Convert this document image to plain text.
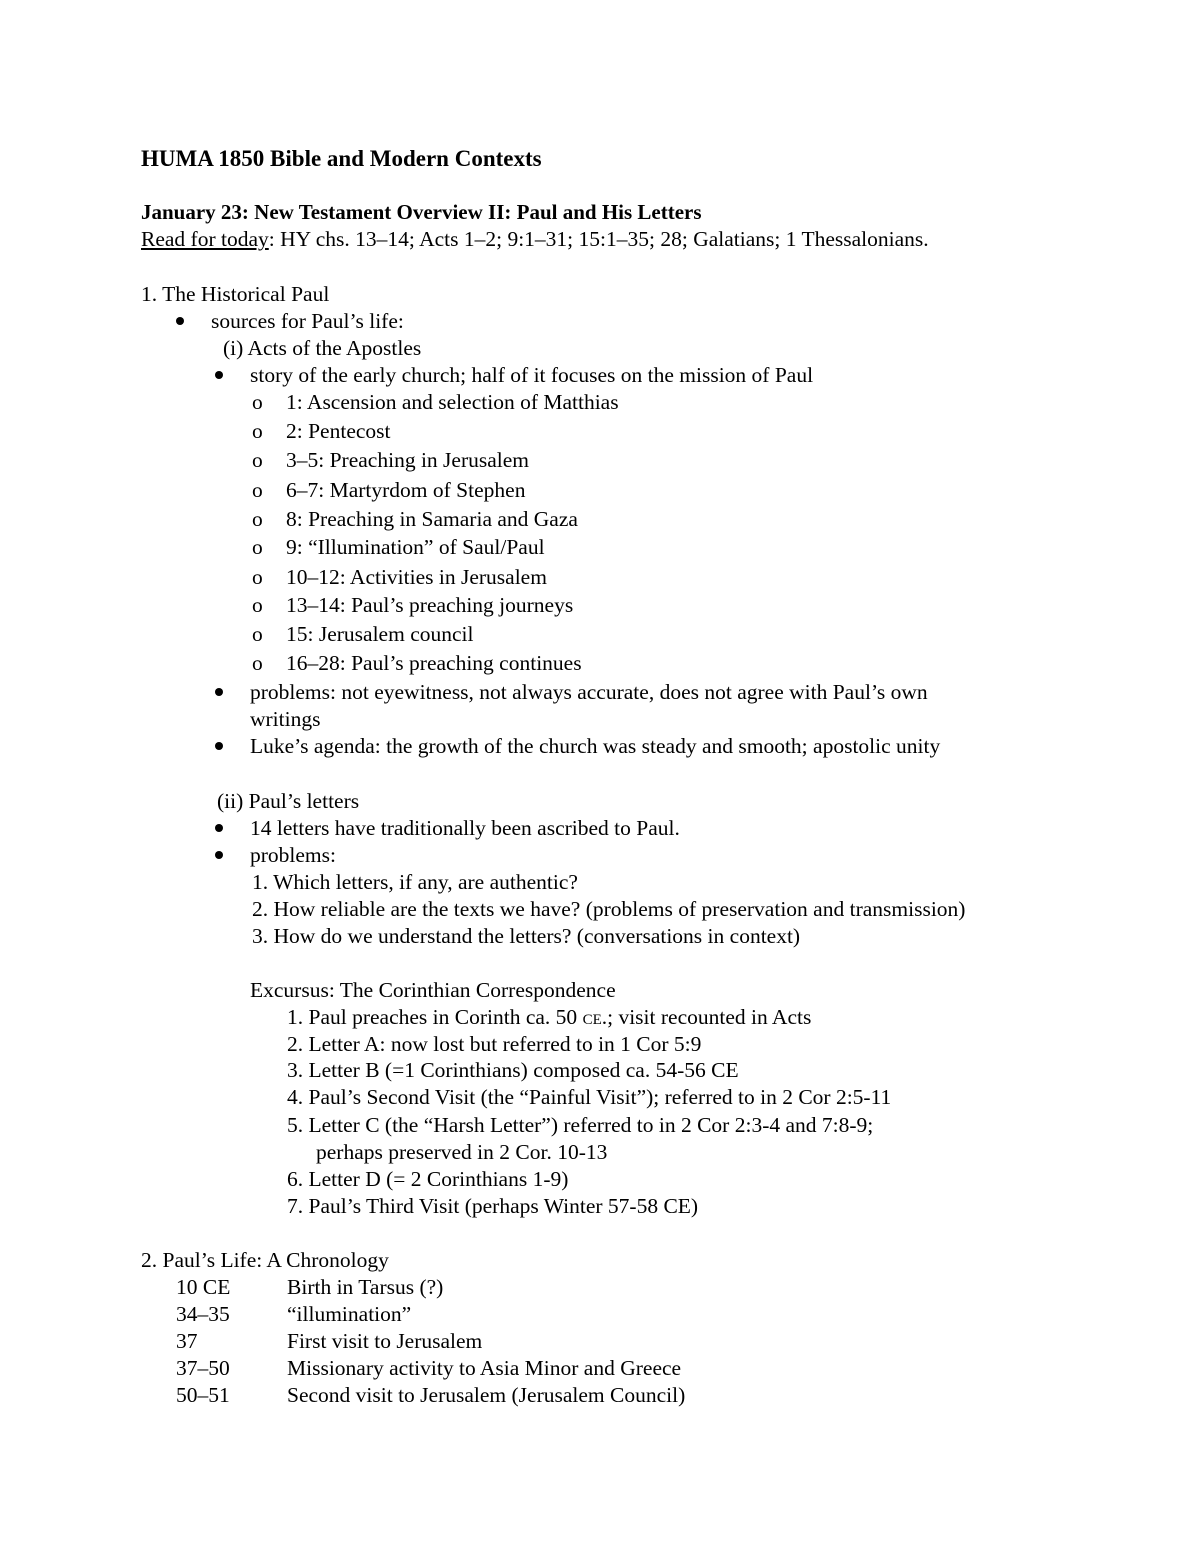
HUMA 1850 Bible and Modern Contexts
January 23: New Testament Overview II: Paul and His Letters
Read for today: HY chs. 13–14; Acts 1–2; 9:1–31; 15:1–35; 28; Galatians; 1 Thessalonians.
1. The Historical Paul
sources for Paul’s life:
(i) Acts of the Apostles
story of the early church; half of it focuses on the mission of Paul
o 1: Ascension and selection of Matthias
o 2: Pentecost
o 3–5: Preaching in Jerusalem
o 6–7: Martyrdom of Stephen
o 8: Preaching in Samaria and Gaza
o 9: “Illumination” of Saul/Paul
o 10–12: Activities in Jerusalem
o 13–14: Paul’s preaching journeys
o 15: Jerusalem council
o 16–28: Paul’s preaching continues
problems: not eyewitness, not always accurate, does not agree with Paul’s own
writings
Luke’s agenda: the growth of the church was steady and smooth; apostolic unity
(ii) Paul’s letters
14 letters have traditionally been ascribed to Paul.
problems:
1. Which letters, if any, are authentic?
2. How reliable are the texts we have? (problems of preservation and transmission)
3. How do we understand the letters? (conversations in context)
Excursus: The Corinthian Correspondence
1. Paul preaches in Corinth ca. 50 CE.; visit recounted in Acts
2. Letter A: now lost but referred to in 1 Cor 5:9
3. Letter B (=1 Corinthians) composed ca. 54-56 CE
4. Paul’s Second Visit (the “Painful Visit”); referred to in 2 Cor 2:5-11
5. Letter C (the “Harsh Letter”) referred to in 2 Cor 2:3-4 and 7:8-9;
perhaps preserved in 2 Cor. 10-13
6. Letter D (= 2 Corinthians 1-9)
7. Paul’s Third Visit (perhaps Winter 57-58 CE)
2. Paul’s Life: A Chronology
10 CE	Birth in Tarsus (?)
34–35	“illumination”
37	First visit to Jerusalem
37–50	Missionary activity to Asia Minor and Greece
50–51	Second visit to Jerusalem (Jerusalem Council)
